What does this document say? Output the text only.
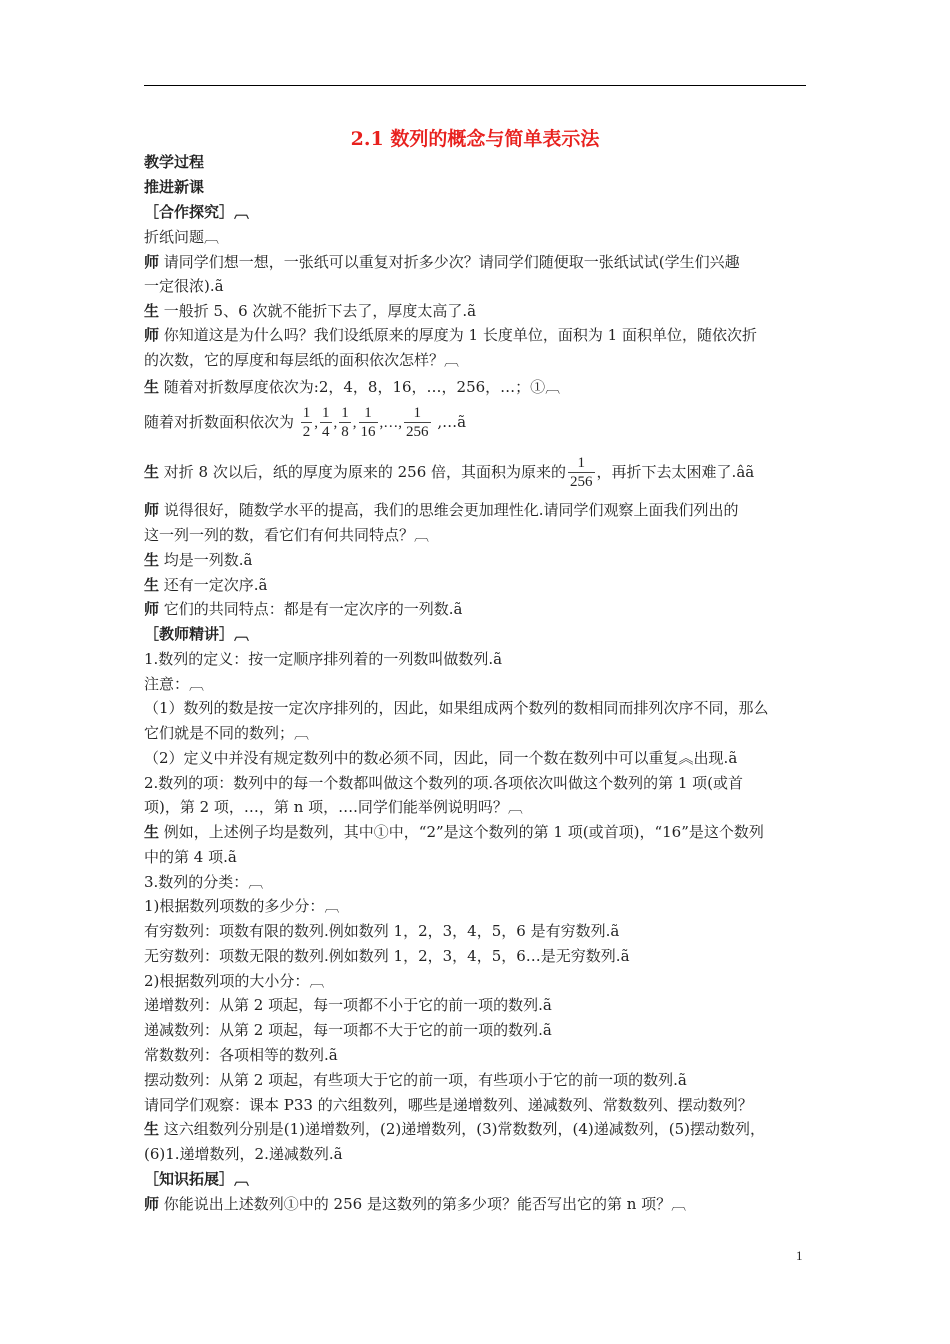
2.1 数列的概念与简单表示法
教学过程
推进新课
［合作探究］︹
折纸问题︹
师 请同学们想一想，一张纸可以重复对折多少次？请同学们随便取一张纸试试(学生们兴趣
一定很浓).ã
生 一般折 5、6 次就不能折下去了，厚度太高了.ã
师 你知道这是为什么吗？我们设纸原来的厚度为 1 长度单位，面积为 1 面积单位，随依次折
的次数，它的厚度和每层纸的面积依次怎样？︹
生 随着对折数厚度依次为:2，4，8，16，…，256，…；①︹
生 对折 8 次以后，纸的厚度为原来的 256 倍，其面积为原来的 $\frac{1}{256}$ ，再折下去太困难了.âã
师 说得很好，随数学水平的提高，我们的思维会更加理性化.请同学们观察上面我们列出的
这一列一列的数，看它们有何共同特点？︹
生 均是一列数.ã
生 还有一定次序.ã
师 它们的共同特点：都是有一定次序的一列数.ã
［教师精讲］︹
1.数列的定义：按一定顺序排列着的一列数叫做数列.ã
注意：︹
（1）数列的数是按一定次序排列的，因此，如果组成两个数列的数相同而排列次序不同，那么
它们就是不同的数列；︹
（2）定义中并没有规定数列中的数必须不同，因此，同一个数在数列中可以重复︽出现.ã
2.数列的项：数列中的每一个数都叫做这个数列的项.各项依次叫做这个数列的第 1 项(或首
项)，第 2 项，…，第 n 项，….同学们能举例说明吗？︹
生 例如，上述例子均是数列，其中①中，“2”是这个数列的第 1 项(或首项)，“16”是这个数列
中的第 4 项.ã
3.数列的分类：︹
1)根据数列项数的多少分：︹
有穷数列：项数有限的数列.例如数列 1，2，3，4，5，6 是有穷数列.ã
无穷数列：项数无限的数列.例如数列 1，2，3，4，5，6…是无穷数列.ã
2)根据数列项的大小分：︹
递增数列：从第 2 项起，每一项都不小于它的前一项的数列.ã
递减数列：从第 2 项起，每一项都不大于它的前一项的数列.ã
常数数列：各项相等的数列.ã
摆动数列：从第 2 项起，有些项大于它的前一项，有些项小于它的前一项的数列.ã
请同学们观察：课本 P33 的六组数列，哪些是递增数列、递减数列、常数数列、摆动数列？
生 这六组数列分别是(1)递增数列，(2)递增数列，(3)常数数列，(4)递减数列，(5)摆动数列，
(6)1.递增数列，2.递减数列.ã
［知识拓展］︹
师 你能说出上述数列①中的 256 是这数列的第多少项？能否写出它的第 n 项？︹
随着对折数面积依次为 $\frac{1}{2}$ , $\frac{1}{4}$ , $\frac{1}{8}$ , $\frac{1}{16}$ ,…, $\frac{1}{256}$ ,…ã
1
